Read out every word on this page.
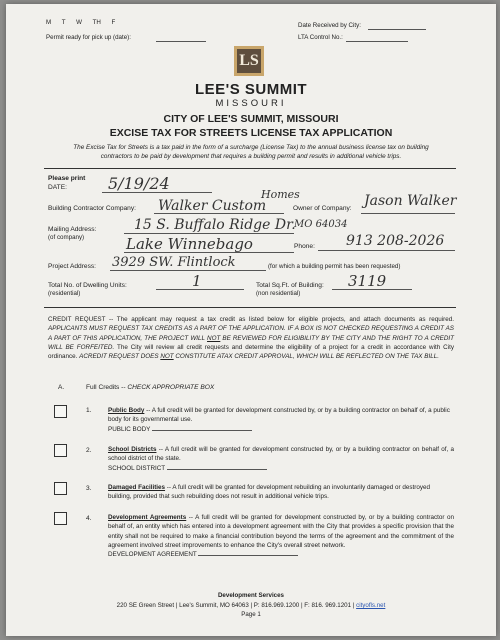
M T W TH F
Permit ready for pick up (date):
Date Received by City:
LTA Control No.:
LS
LEE'S SUMMIT
MISSOURI
CITY OF LEE'S SUMMIT, MISSOURI
EXCISE TAX FOR STREETS LICENSE TAX APPLICATION
The Excise Tax for Streets is a tax paid in the form of a surcharge (License Tax) to the annual business license tax on building
contractors to be paid by development that requires a building permit and results in additional vehicle trips.
Please print
DATE:	5/19/24
Building Contractor Company: Walker Custom
Homes
Owner of Company: Jason Walker
Mailing Address:
(of company)
15 S. Buffalo Ridge Dr.
MO 64034
Lake Winnebago	Phone: 913 208-2026
Project Address: 3929 SW. Flintlock	(for which a building permit has been requested)
Total No. of Dwelling Units:
(residential)
1	Total Sq.Ft. of Building:
(non residential)
3119
CREDIT REQUEST -- The applicant may request a tax credit as listed below for eligible projects, and attach documents as required. APPLICANTS MUST REQUEST TAX CREDITS AS A PART OF THE APPLICATION. IF A BOX IS NOT CHECKED REQUESTING A CREDIT AS A PART OF THIS APPLICATION, THE PROJECT WILL NOT BE REVIEWED FOR ELIGIBILITY BY THE CITY AND THE RIGHT TO A CREDIT WILL BE FORFEITED. The City will review all credit requests and determine the eligibility of a project for a credit in accordance with City ordinance. ACREDIT REQUEST DOES NOT CONSTITUTE ATAX CREDIT APPROVAL, WHICH WILL BE REFLECTED ON THE TAX BILL.
A.	Full Credits -- CHECK APPROPRIATE BOX
1.	Public Body -- A full credit will be granted for development constructed by, or by a building contractor on behalf of, a public body for its governmental use.
PUBLIC BODY
2.	School Districts -- A full credit will be granted for development constructed by, or by a building contractor on behalf of, a school district of the state.
SCHOOL DISTRICT
3.	Damaged Facilities -- A full credit will be granted for development rebuilding an involuntarily damaged or destroyed building, provided that such rebuilding does not result in additional vehicle trips.
4.	Development Agreements -- A full credit will be granted for development constructed by, or by a building contractor on behalf of, an entity which has entered into a development agreement with the City that provides a specific provision that the entity shall not be required to make a financial contribution beyond the terms of the agreement and the commitment of the agreement involved street improvements to enhance the City's overall street network.
DEVELOPMENT AGREEMENT
Development Services
220 SE Green Street | Lee's Summit, MO 64063 | P: 816.969.1200 | F: 816. 969.1201 | cityofls.net
Page 1
